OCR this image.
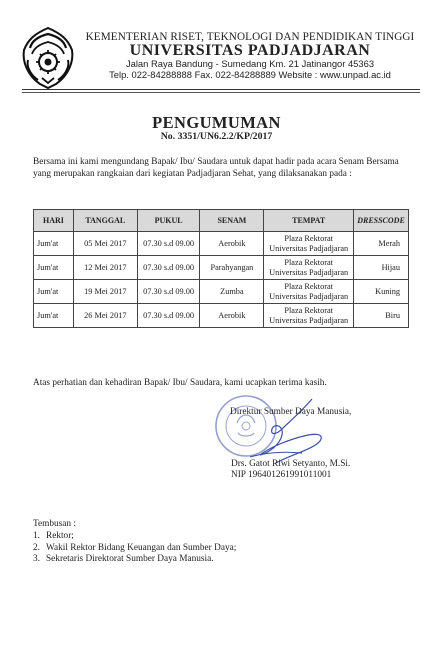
KEMENTERIAN RISET, TEKNOLOGI DAN PENDIDIKAN TINGGI
UNIVERSITAS PADJADJARAN
Jalan Raya Bandung - Sumedang Km. 21 Jatinangor 45363
Telp. 022-84288888 Fax. 022-84288889 Website : www.unpad.ac.id
PENGUMUMAN
No. 3351/UN6.2.2/KP/2017
Bersama ini kami mengundang Bapak/ Ibu/ Saudara untuk dapat hadir pada acara Senam Bersama
yang merupakan rangkaian dari kegiatan Padjadjaran Sehat, yang dilaksanakan pada :
HARI	TANGGAL	PUKUL	SENAM	TEMPAT	DRESSCODE
Jum'at	05 Mei 2017	07.30 s.d 09.00	Aerobik	Plaza Rektorat
Universitas Padjadjaran	Merah
Jum'at	12 Mei 2017	07.30 s.d 09.00	Parahyangan	Plaza Rektorat
Universitas Padjadjaran	Hijau
Jum'at	19 Mei 2017	07.30 s.d 09.00	Zumba	Plaza Rektorat
Universitas Padjadjaran	Kuning
Jum'at	26 Mei 2017	07.30 s.d 09.00	Aerobik	Plaza Rektorat
Universitas Padjadjaran	Biru
Atas perhatian dan kehadiran Bapak/ Ibu/ Saudara, kami ucapkan terima kasih.
Direktur Sumber Daya Manusia,
Drs. Gatot Riwi Setyanto, M.Si.
NIP 196401261991011001
Tembusan :
1. Rektor;
2. Wakil Rektor Bidang Keuangan dan Sumber Daya;
3. Sekretaris Direktorat Sumber Daya Manusia.
